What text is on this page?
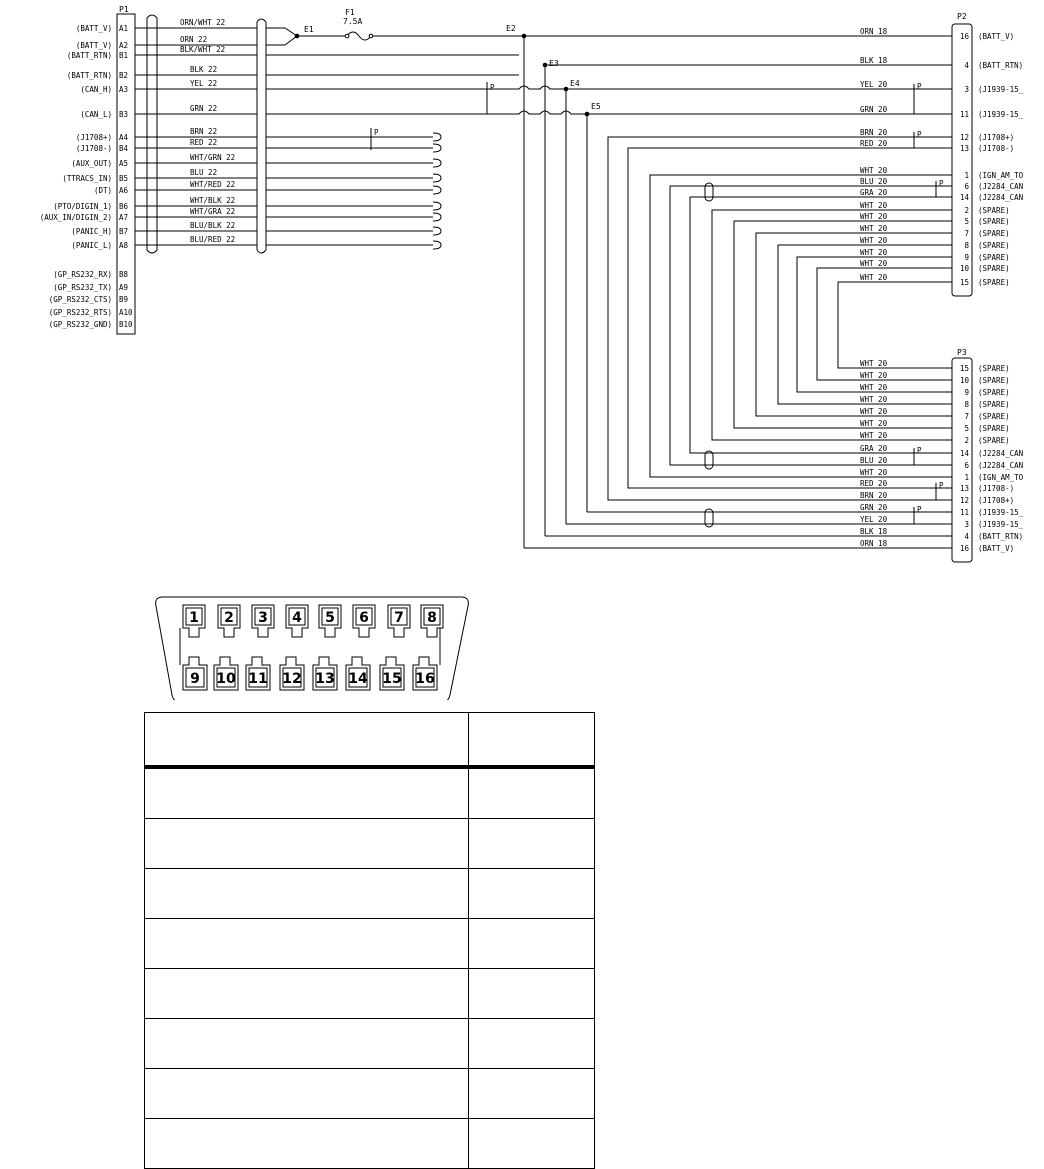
P1
(BATT_V) A1
ORN/WHT 22
(BATT_V) A2
ORN 22
(BATT_RTN) B1
BLK/WHT 22
(BATT_RTN) B2
BLK 22
(CAN_H) A3
YEL 22
(CAN_L) B3
GRN 22
(J1708+) A4
BRN 22
(J1708-) B4
RED 22
(AUX_OUT) A5
WHT/GRN 22
(TTRACS_IN) B5
BLU 22
(DT) A6
WHT/RED 22
(PTO/DIGIN_1) B6
WHT/BLK 22
(AUX_IN/DIGIN_2) A7
WHT/GRA 22
(PANIC_H) B7
BLU/BLK 22
(PANIC_L) A8
BLU/RED 22
(GP_RS232_RX) B8
(GP_RS232_TX) A9
(GP_RS232_CTS) B9
(GP_RS232_RTS) A10
(GP_RS232_GND) B10
F1
7.5A
E1	E2
E3
E4
E5
P
P
P2
16 (BATT_V)
ORN 18
4 (BATT_RTN)
BLK 18
3 (J1939-15_
YEL 20
11 (J1939-15_
GRN 20
12 (J1708+)
BRN 20
13 (J1708-)
RED 20
1 (IGN_AM_TO
WHT 20
6 (J2284_CAN
BLU 20
14 (J2284_CAN
GRA 20
2 (SPARE)
WHT 20
5 (SPARE)
WHT 20
7 (SPARE)
WHT 20
8 (SPARE)
WHT 20
9 (SPARE)
WHT 20
10 (SPARE)
WHT 20
15 (SPARE)
WHT 20
P3
15 (SPARE)
WHT 20
10 (SPARE)
WHT 20
9 (SPARE)
WHT 20
8 (SPARE)
WHT 20
7 (SPARE)
WHT 20
5 (SPARE)
WHT 20
2 (SPARE)
WHT 20
14 (J2284_CAN
GRA 20
6 (J2284_CAN
BLU 20
1 (IGN_AM_TO
WHT 20
13 (J1708-)
RED 20
12 (J1708+)
BRN 20
11 (J1939-15_
GRN 20
3 (J1939-15_
YEL 20
4 (BATT_RTN)
BLK 18
16 (BATT_V)
ORN 18
P
P
P
P
P
P
1 2 3 4 5 6 7 8
9 10 11 12 13 14 15 16
